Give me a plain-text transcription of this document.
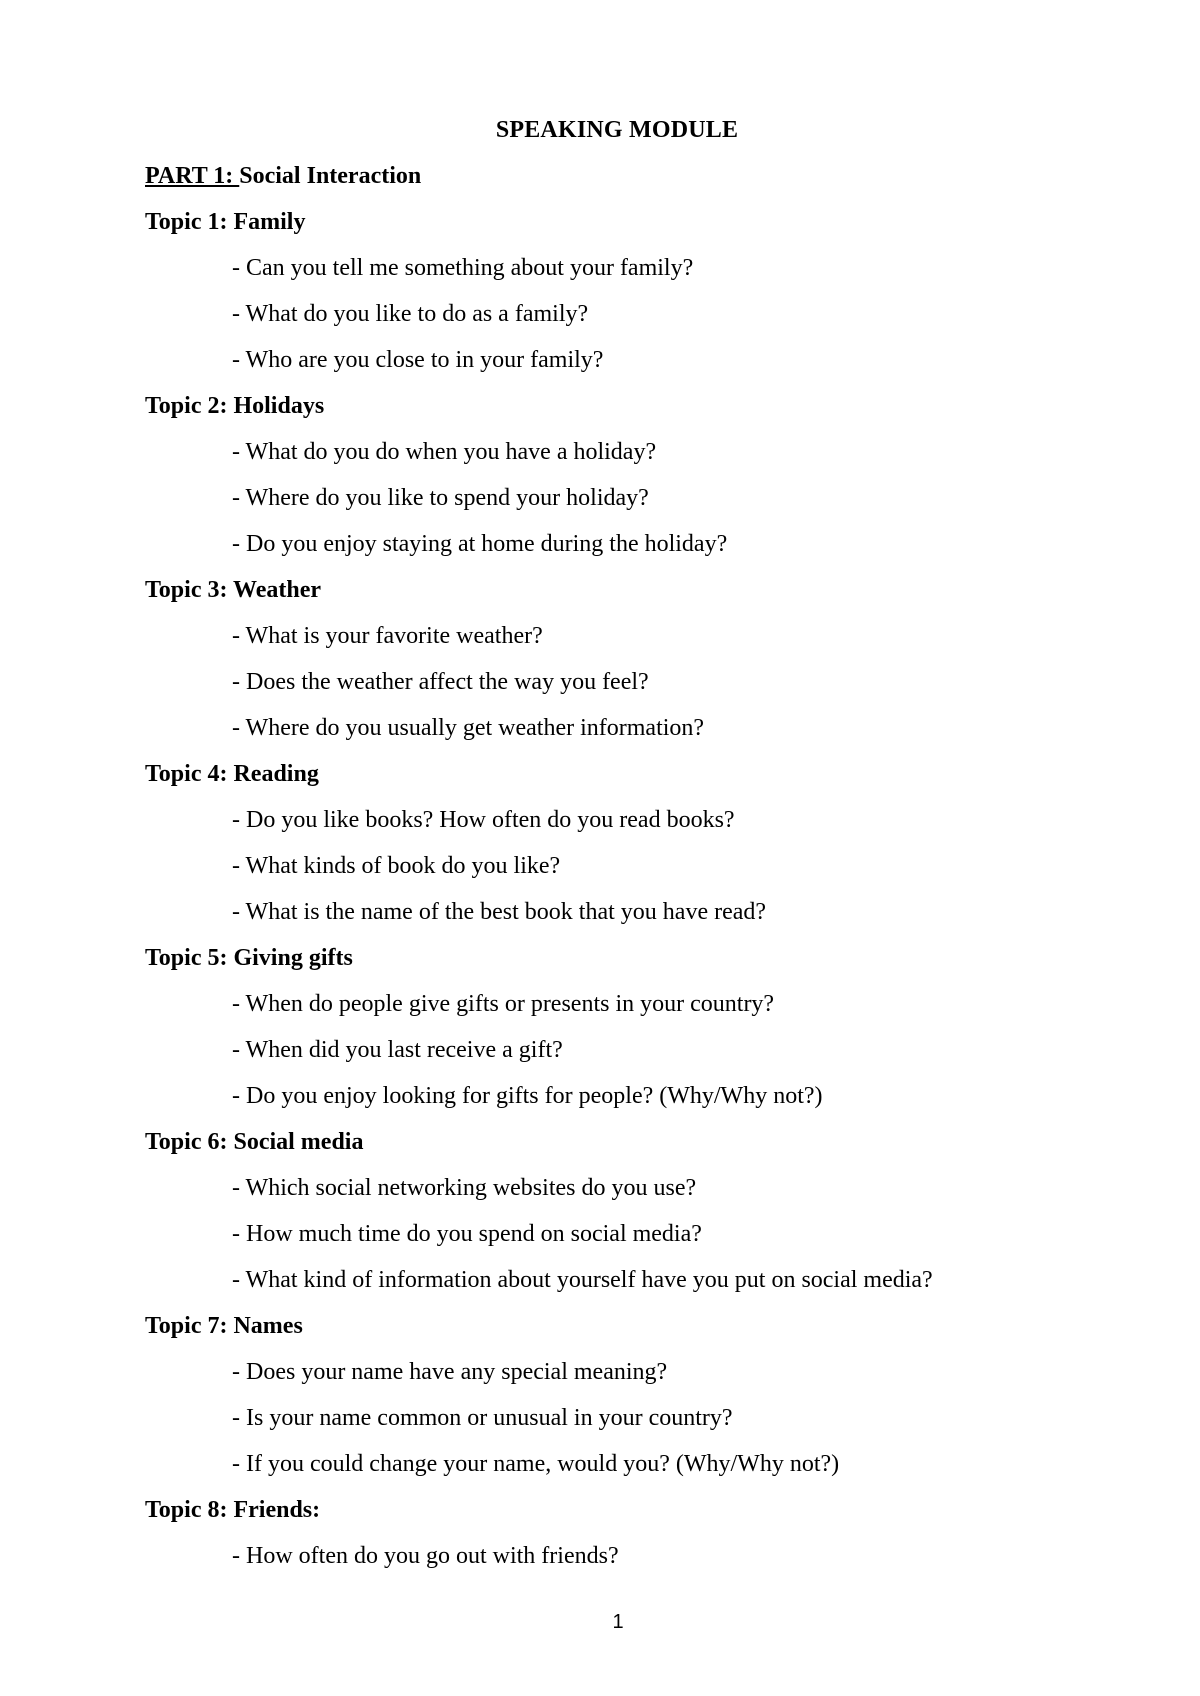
SPEAKING MODULE
PART 1: Social Interaction
Topic 1: Family
- Can you tell me something about your family?
- What do you like to do as a family?
- Who are you close to in your family?
Topic 2: Holidays
- What do you do when you have a holiday?
- Where do you like to spend your holiday?
- Do you enjoy staying at home during the holiday?
Topic 3: Weather
- What is your favorite weather?
- Does the weather affect the way you feel?
- Where do you usually get weather information?
Topic 4: Reading
- Do you like books? How often do you read books?
- What kinds of book do you like?
- What is the name of the best book that you have read?
Topic 5: Giving gifts
- When do people give gifts or presents in your country?
- When did you last receive a gift?
- Do you enjoy looking for gifts for people? (Why/Why not?)
Topic 6: Social media
- Which social networking websites do you use?
- How much time do you spend on social media?
- What kind of information about yourself have you put on social media?
Topic 7: Names
- Does your name have any special meaning?
- Is your name common or unusual in your country?
- If you could change your name, would you? (Why/Why not?)
Topic 8: Friends:
- How often do you go out with friends?
1
